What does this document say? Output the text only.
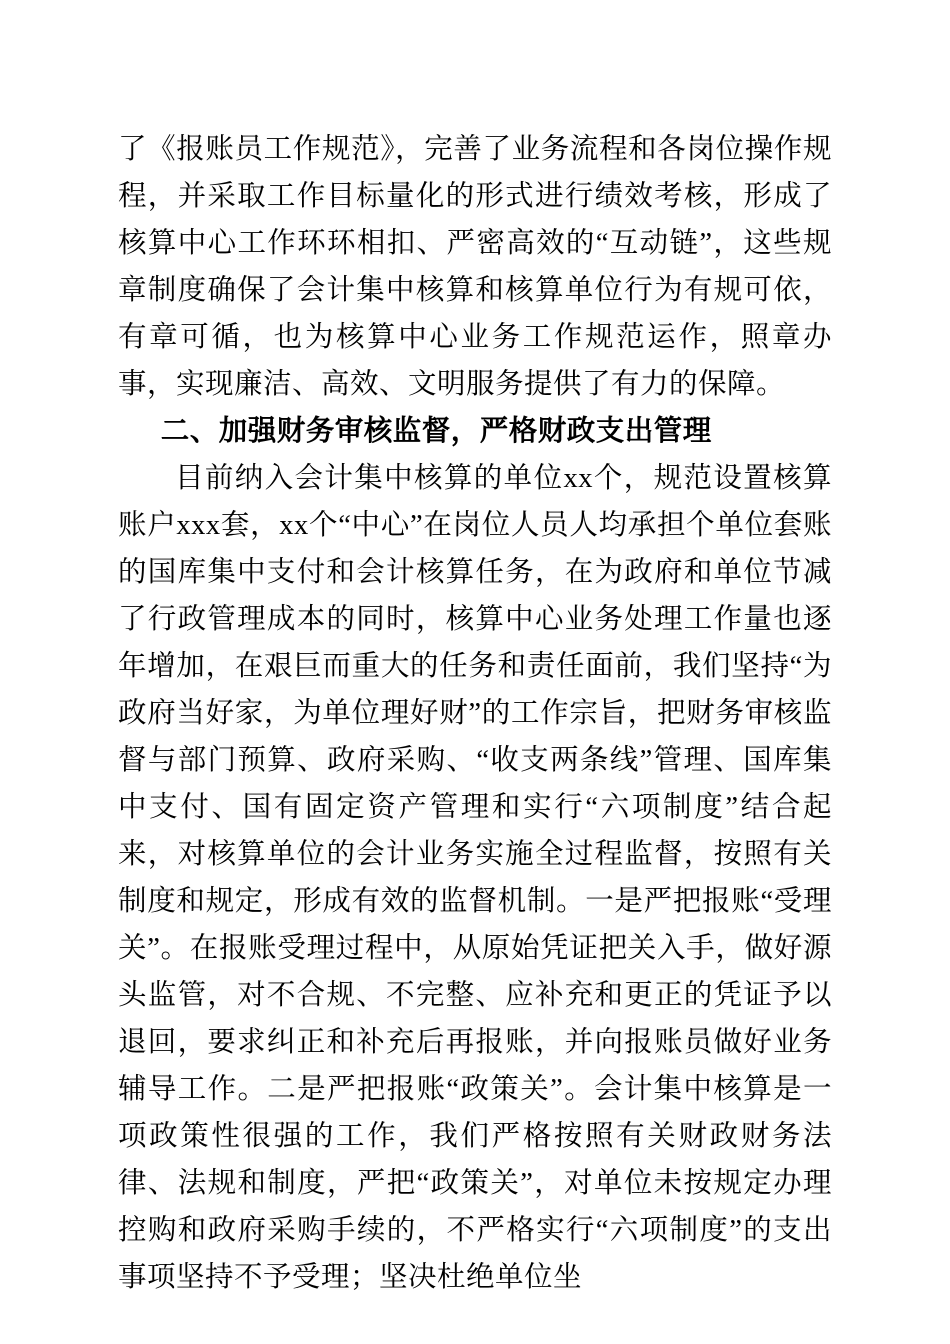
了《报账员工作规范》，完善了业务流程和各岗位操作规程，并采取工作目标量化的形式进行绩效考核，形成了核算中心工作环环相扣、严密高效的“互动链”，这些规章制度确保了会计集中核算和核算单位行为有规可依，有章可循，也为核算中心业务工作规范运作，照章办事，实现廉洁、高效、文明服务提供了有力的保障。

二、加强财务审核监督，严格财政支出管理

目前纳入会计集中核算的单位xx个，规范设置核算账户xxx套，xx个“中心”在岗位人员人均承担个单位套账的国库集中支付和会计核算任务，在为政府和单位节减了行政管理成本的同时，核算中心业务处理工作量也逐年增加，在艰巨而重大的任务和责任面前，我们坚持“为政府当好家，为单位理好财”的工作宗旨，把财务审核监督与部门预算、政府采购、“收支两条线”管理、国库集中支付、国有固定资产管理和实行“六项制度”结合起来，对核算单位的会计业务实施全过程监督，按照有关制度和规定，形成有效的监督机制。一是严把报账“受理关”。在报账受理过程中，从原始凭证把关入手，做好源头监管，对不合规、不完整、应补充和更正的凭证予以退回，要求纠正和补充后再报账，并向报账员做好业务辅导工作。二是严把报账“政策关”。会计集中核算是一项政策性很强的工作，我们严格按照有关财政财务法律、法规和制度，严把“政策关”，对单位未按规定办理控购和政府采购手续的，不严格实行“六项制度”的支出事项坚持不予受理；坚决杜绝单位坐
